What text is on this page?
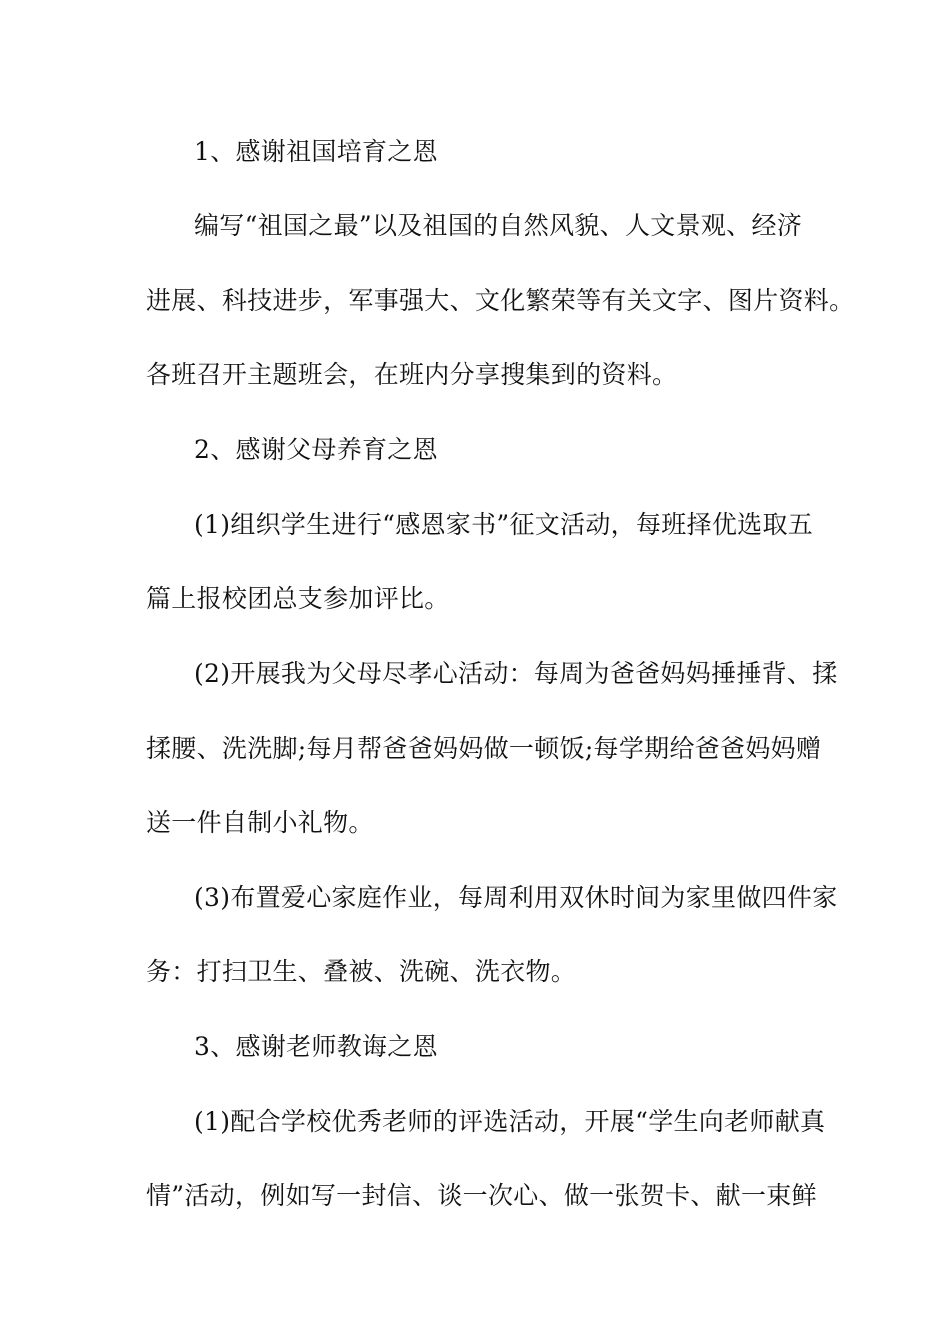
1、感谢祖国培育之恩
编写“祖国之最”以及祖国的自然风貌、人文景观、经济
进展、科技进步，军事强大、文化繁荣等有关文字、图片资料。
各班召开主题班会，在班内分享搜集到的资料。
2、感谢父母养育之恩
(1)组织学生进行“感恩家书”征文活动，每班择优选取五
篇上报校团总支参加评比。
(2)开展我为父母尽孝心活动：每周为爸爸妈妈捶捶背、揉
揉腰、洗洗脚;每月帮爸爸妈妈做一顿饭;每学期给爸爸妈妈赠
送一件自制小礼物。
(3)布置爱心家庭作业，每周利用双休时间为家里做四件家
务：打扫卫生、叠被、洗碗、洗衣物。
3、感谢老师教诲之恩
(1)配合学校优秀老师的评选活动，开展“学生向老师献真
情”活动，例如写一封信、谈一次心、做一张贺卡、献一束鲜
